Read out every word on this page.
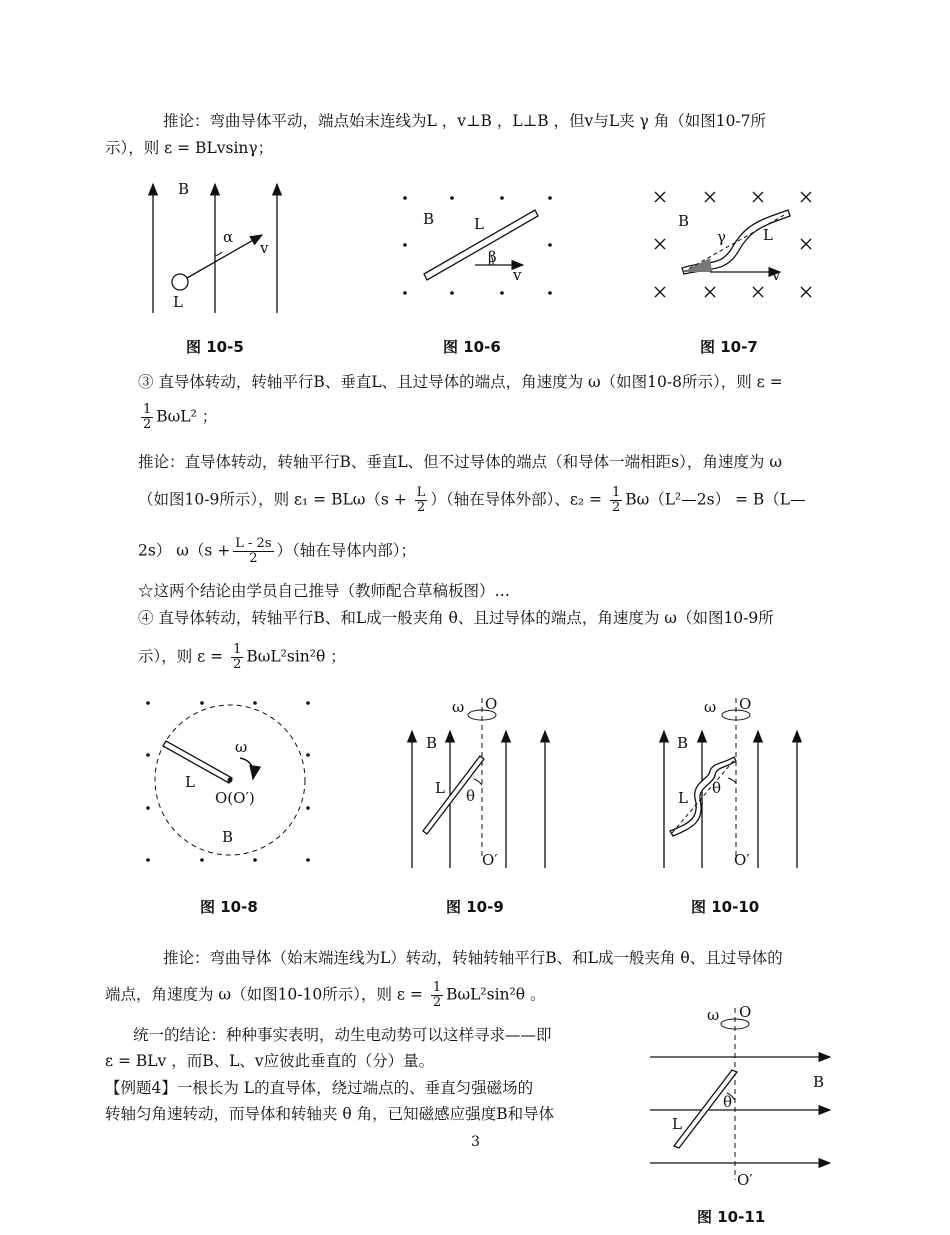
推论：弯曲导体平动，端点始末连线为L ，v⊥B ，L⊥B ，但v与L夹 γ 角（如图10-7所
示），则 ε = BLvsinγ；
B
α
v
L
图 10-5
B	L
β
v
图 10-6
B
γ L
v
图 10-7
③ 直导体转动，转轴平行B、垂直L、且过导体的端点，角速度为 ω（如图10-8所示），则 ε =
$\frac{1}{2} B\omega L^2$ ；
推论：直导体转动，转轴平行B、垂直L、但不过导体的端点（和导体一端相距s），角速度为 ω
（如图10-9所示），则 $\varepsilon_1 = BL\omega(s + \frac{L}{2}$ ）（轴在导体外部）、$\varepsilon_2 = \frac{1}{2}$ Bω（L²—2s） = B（L—
2s） $\omega(s + \frac{L - 2s}{2}$ ）（轴在导体内部）；
☆这两个结论由学员自己推导（教师配合草稿板图）…
④ 直导体转动，转轴平行B、和L成一般夹角 θ、且过导体的端点，角速度为 ω（如图10-9所
示），则 $\varepsilon = \frac{1}{2} B\omega L^2\sin^2\theta$ ；
ω
L
O(O′)
B
图 10-8
ω O
B
L θ
O′
图 10-9
ω O
B
L
θ
O′
图 10-10
推论：弯曲导体（始末端连线为L）转动，转轴转轴平行B、和L成一般夹角 θ、且过导体的
端点，角速度为 ω（如图10-10所示），则 $\varepsilon = \frac{1}{2} B\omega L^2\sin^2\theta$ 。
统一的结论：种种事实表明，动生电动势可以这样寻求——即
ε = BLv ，而B、L、v应彼此垂直的（分）量。
【例题4】一根长为 L的直导体，绕过端点的、垂直匀强磁场的
转轴匀角速转动，而导体和转轴夹 θ 角，已知磁感应强度B和导体
3
ω O
B
θ
L
O′
图 10-11
